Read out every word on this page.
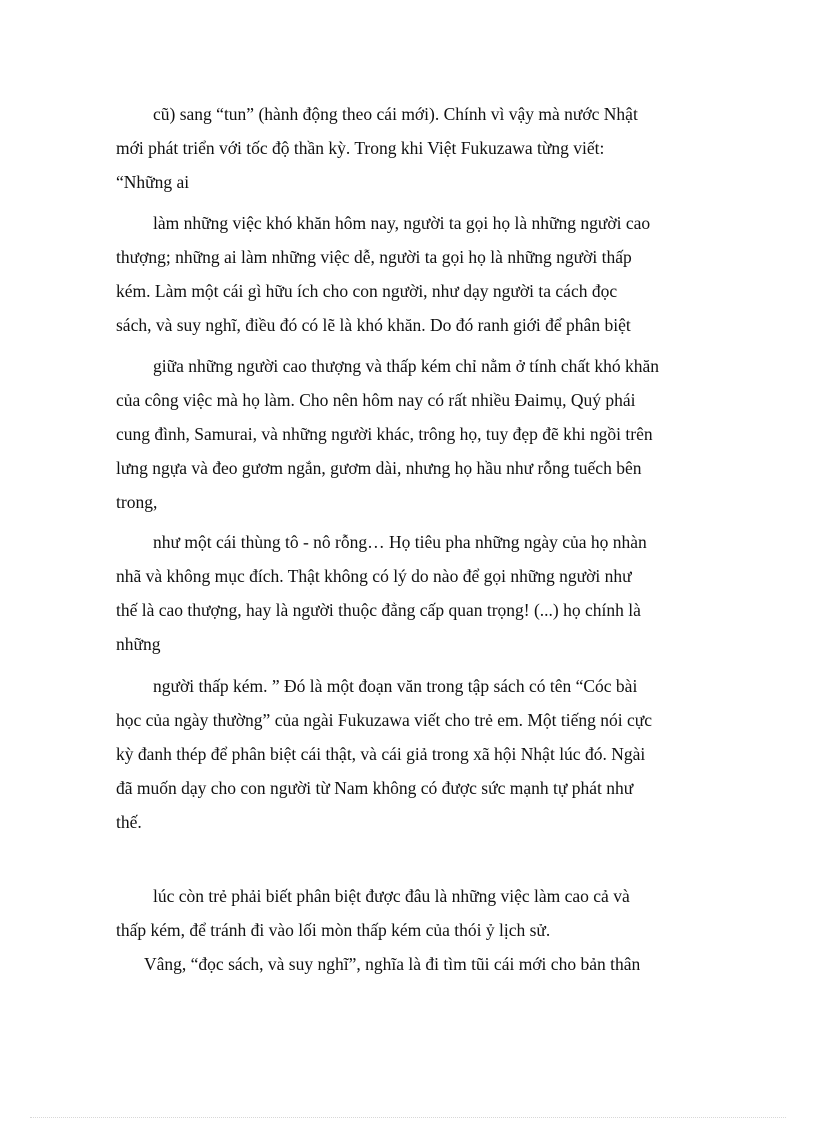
cũ) sang “tun” (hành động theo cái mới). Chính vì vậy mà nước Nhật
mới phát triển với tốc độ thần kỳ. Trong khi Việt Fukuzawa từng viết:
“Những ai
làm những việc khó khăn hôm nay, người ta gọi họ là những người cao
thượng; những ai làm những việc dễ, người ta gọi họ là những người thấp
kém. Làm một cái gì hữu ích cho con người, như dạy người ta cách đọc
sách, và suy nghĩ, điều đó có lẽ là khó khăn. Do đó ranh giới để phân biệt
giữa những người cao thượng và thấp kém chỉ nằm ở tính chất khó khăn
của công việc mà họ làm. Cho nên hôm nay có rất nhiều Đaimụ, Quý phái
cung đình, Samurai, và những người khác, trông họ, tuy đẹp đẽ khi ngồi trên
lưng ngựa và đeo gươm ngắn, gươm dài, nhưng họ hầu như rỗng tuếch bên
trong,
như một cái thùng tô - nô rỗng… Họ tiêu pha những ngày của họ nhàn
nhã và không mục đích. Thật không có lý do nào để gọi những người như
thế là cao thượng, hay là người thuộc đẳng cấp quan trọng! (...) họ chính là
những
người thấp kém. ” Đó là một đoạn văn trong tập sách có tên “Cóc bài
học của ngày thường” của ngài Fukuzawa viết cho trẻ em. Một tiếng nói cực
kỳ đanh thép để phân biệt cái thật, và cái giả trong xã hội Nhật lúc đó. Ngài
đã muốn dạy cho con người từ Nam không có được sức mạnh tự phát như
thế.
lúc còn trẻ phải biết phân biệt được đâu là những việc làm cao cả và
thấp kém, để tránh đi vào lối mòn thấp kém của thói ỷ lịch sử.
Vâng, “đọc sách, và suy nghĩ”, nghĩa là đi tìm tũi cái mới cho bản thân
